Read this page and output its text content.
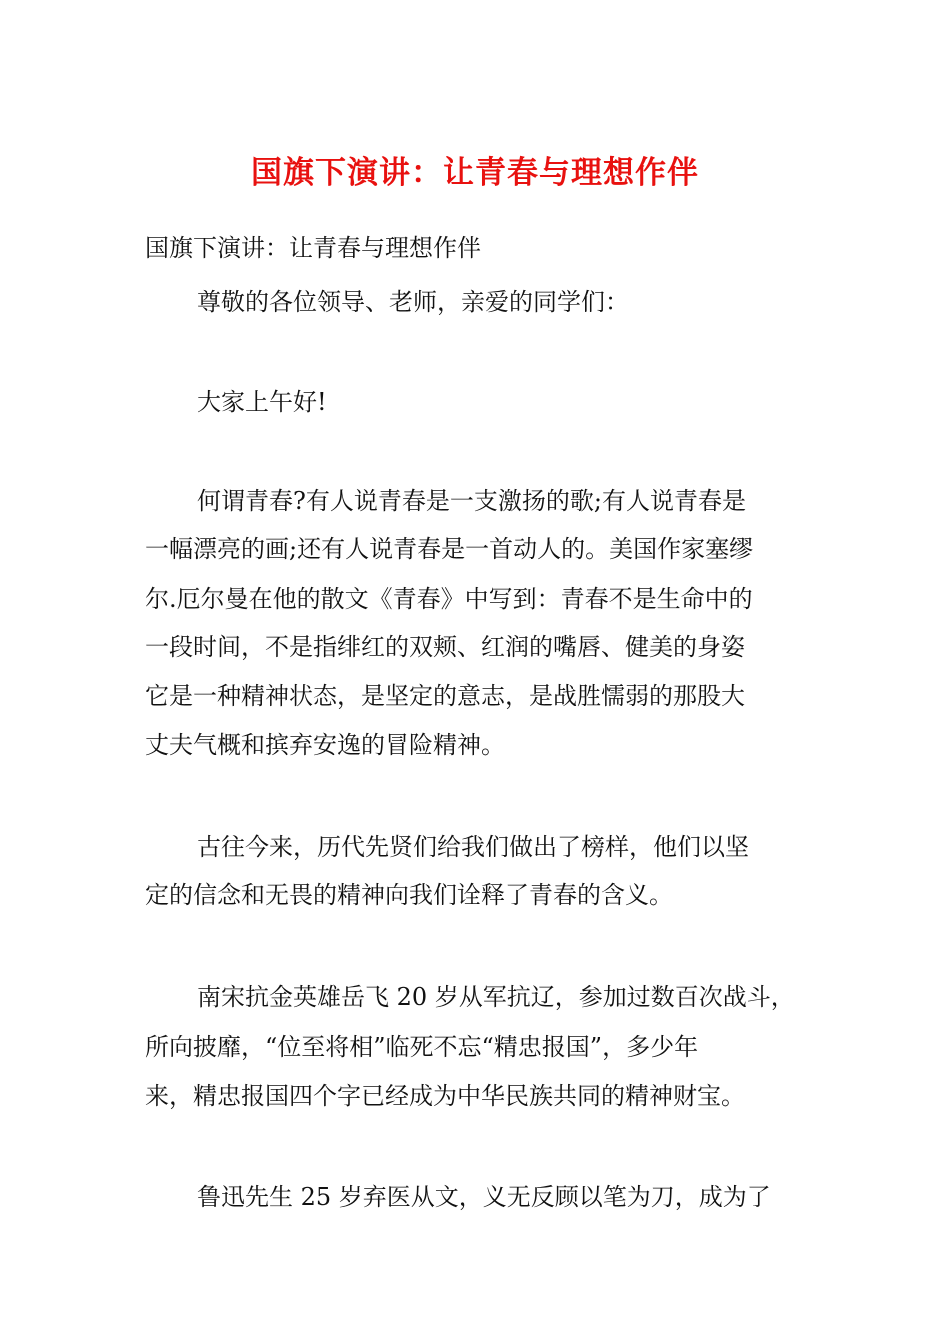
国旗下演讲：让青春与理想作伴

国旗下演讲：让青春与理想作伴

尊敬的各位领导、老师，亲爱的同学们：

大家上午好!

何谓青春?有人说青春是一支激扬的歌;有人说青春是

一幅漂亮的画;还有人说青春是一首动人的。美国作家塞缪

尔.厄尔曼在他的散文《青春》中写到：青春不是生命中的

一段时间，不是指绯红的双颊、红润的嘴唇、健美的身姿

它是一种精神状态，是坚定的意志，是战胜懦弱的那股大

丈夫气概和摈弃安逸的冒险精神。

古往今来，历代先贤们给我们做出了榜样，他们以坚

定的信念和无畏的精神向我们诠释了青春的含义。

南宋抗金英雄岳飞 20 岁从军抗辽，参加过数百次战斗，

所向披靡，“位至将相”临死不忘“精忠报国”，多少年

来，精忠报国四个字已经成为中华民族共同的精神财宝。

鲁迅先生 25 岁弃医从文，义无反顾以笔为刀，成为了
